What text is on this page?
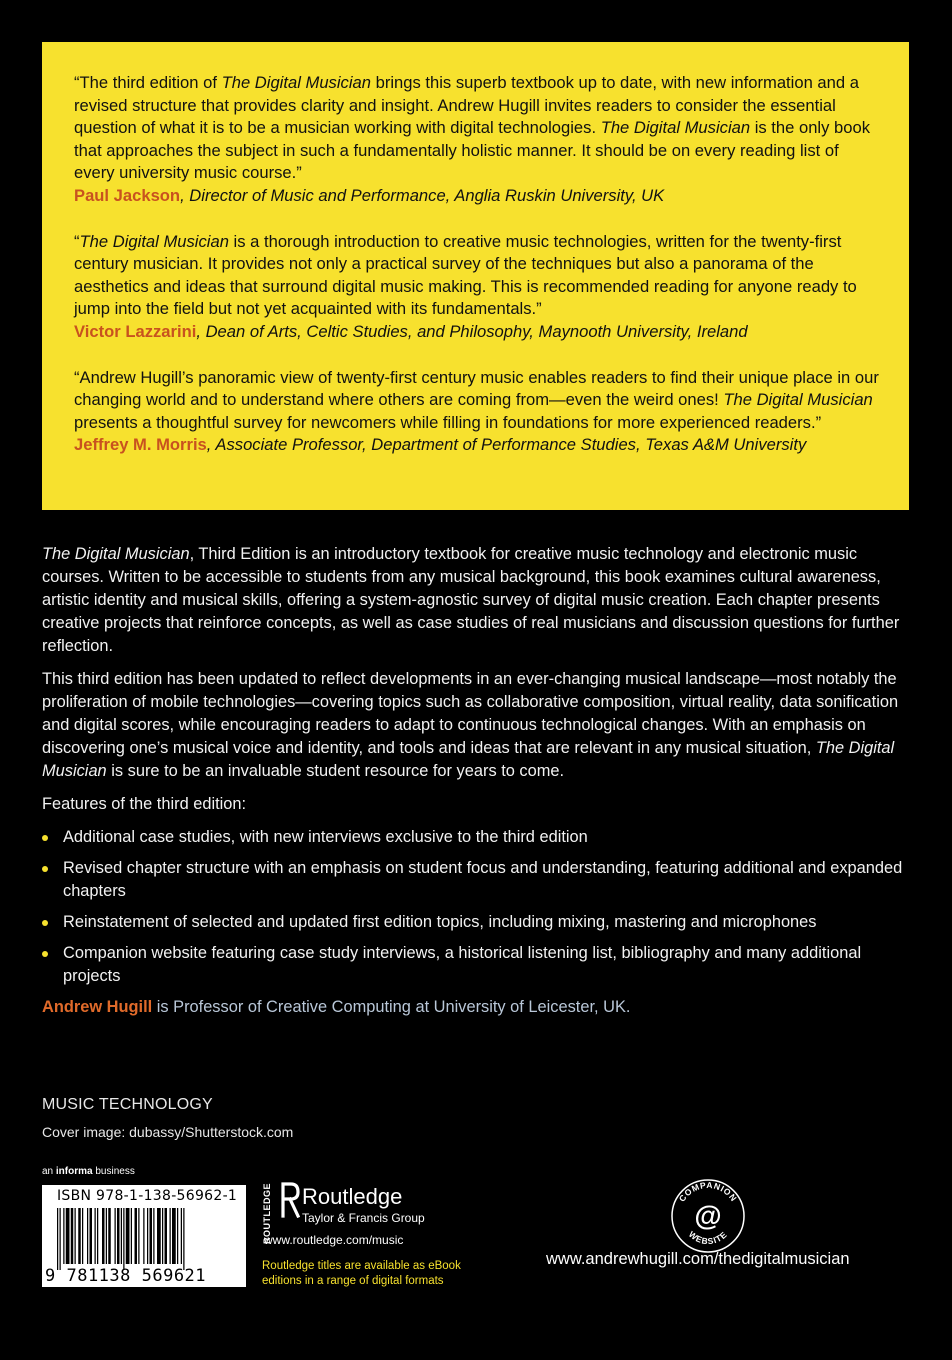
“The third edition of The Digital Musician brings this superb textbook up to date, with new information and a revised structure that provides clarity and insight. Andrew Hugill invites readers to consider the essential question of what it is to be a musician working with digital technologies. The Digital Musician is the only book that approaches the subject in such a fundamentally holistic manner. It should be on every reading list of every university music course.”
Paul Jackson, Director of Music and Performance, Anglia Ruskin University, UK

“The Digital Musician is a thorough introduction to creative music technologies, written for the twenty-first century musician. It provides not only a practical survey of the techniques but also a panorama of the aesthetics and ideas that surround digital music making. This is recommended reading for anyone ready to jump into the field but not yet acquainted with its fundamentals.”
Victor Lazzarini, Dean of Arts, Celtic Studies, and Philosophy, Maynooth University, Ireland

“Andrew Hugill’s panoramic view of twenty-first century music enables readers to find their unique place in our changing world and to understand where others are coming from—even the weird ones! The Digital Musician presents a thoughtful survey for newcomers while filling in foundations for more experienced readers.”
Jeffrey M. Morris, Associate Professor, Department of Performance Studies, Texas A&M University

The Digital Musician, Third Edition is an introductory textbook for creative music technology and electronic music courses. Written to be accessible to students from any musical background, this book examines cultural awareness, artistic identity and musical skills, offering a system-agnostic survey of digital music creation. Each chapter presents creative projects that reinforce concepts, as well as case studies of real musicians and discussion questions for further reflection.

This third edition has been updated to reflect developments in an ever-changing musical landscape—most notably the proliferation of mobile technologies—covering topics such as collaborative composition, virtual reality, data sonification and digital scores, while encouraging readers to adapt to continuous technological changes. With an emphasis on discovering one’s musical voice and identity, and tools and ideas that are relevant in any musical situation, The Digital Musician is sure to be an invaluable student resource for years to come.

Features of the third edition:

Additional case studies, with new interviews exclusive to the third edition
Revised chapter structure with an emphasis on student focus and understanding, featuring additional and expanded chapters
Reinstatement of selected and updated first edition topics, including mixing, mastering and microphones
Companion website featuring case study interviews, a historical listening list, bibliography and many additional projects

Andrew Hugill is Professor of Creative Computing at University of Leicester, UK.

MUSIC TECHNOLOGY
Cover image: dubassy/Shutterstock.com
an informa business
ISBN 978-1-138-56962-1
9 781138 569621
ROUTLEDGE Routledge
Taylor & Francis Group
www.routledge.com/music
Routledge titles are available as eBook editions in a range of digital formats
COMPANION
@
WEBSITE
www.andrewhugill.com/thedigitalmusician
